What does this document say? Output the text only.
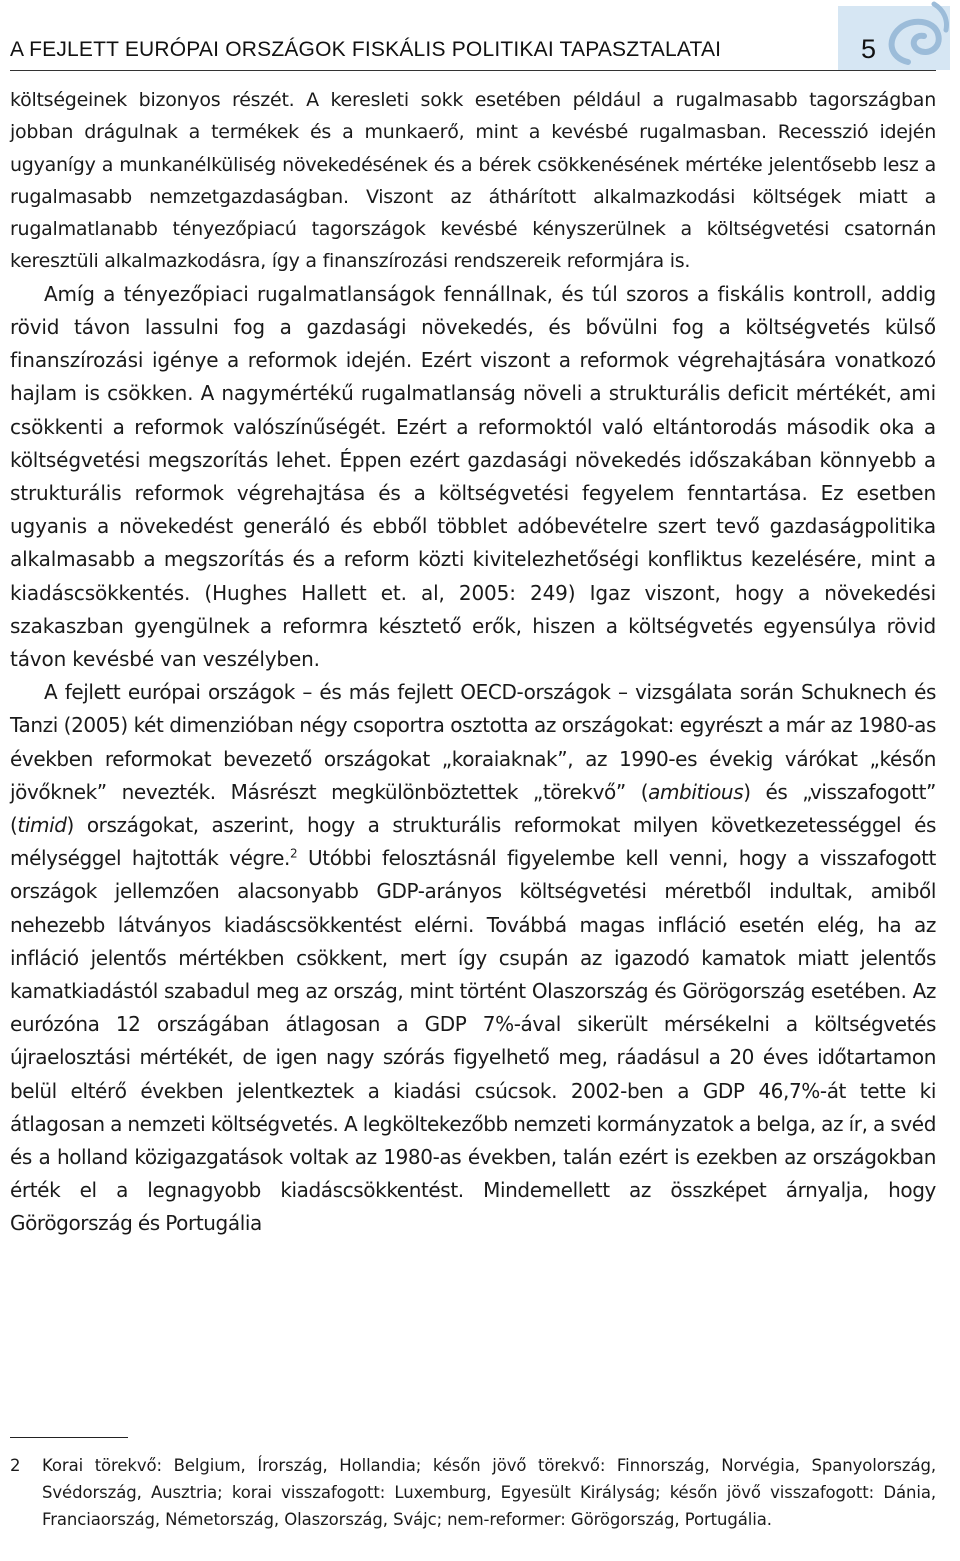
A FEJLETT EURÓPAI ORSZÁGOK FISKÁLIS POLITIKAI TAPASZTALATAI	5

költségeinek bizonyos részét. A keresleti sokk esetében például a rugalmasabb tagországban jobban drágulnak a termékek és a munkaerő, mint a kevésbé rugalmasban. Recesszió idején ugyanígy a munkanélküliség növekedésének és a bérek csökkenésének mértéke jelentősebb lesz a rugalmasabb nemzetgazdaságban. Viszont az áthárított alkalmazkodási költségek miatt a rugalmatlanabb tényezőpiacú tagországok kevésbé kényszerülnek a költségvetési csatornán keresztüli alkalmazkodásra, így a finanszírozási rendszereik reformjára is.

Amíg a tényezőpiaci rugalmatlanságok fennállnak, és túl szoros a fiskális kontroll, addig rövid távon lassulni fog a gazdasági növekedés, és bővülni fog a költségvetés külső finanszírozási igénye a reformok idején. Ezért viszont a reformok végrehajtására vonatkozó hajlam is csökken. A nagymértékű rugalmatlanság növeli a strukturális deficit mértékét, ami csökkenti a reformok valószínűségét. Ezért a reformoktól való eltántorodás második oka a költségvetési megszorítás lehet. Éppen ezért gazdasági növekedés időszakában könnyebb a strukturális reformok végrehajtása és a költségvetési fegyelem fenntartása. Ez esetben ugyanis a növekedést generáló és ebből többlet adóbevételre szert tevő gazdaságpolitika alkalmasabb a megszorítás és a reform közti kivitelezhetőségi konfliktus kezelésére, mint a kiadáscsökkentés. (Hughes Hallett et. al, 2005: 249) Igaz viszont, hogy a növekedési szakaszban gyengülnek a reformra késztető erők, hiszen a költségvetés egyensúlya rövid távon kevésbé van veszélyben.

A fejlett európai országok – és más fejlett OECD-országok – vizsgálata során Schuknech és Tanzi (2005) két dimenzióban négy csoportra osztotta az országokat: egyrészt a már az 1980-as években reformokat bevezető országokat „koraiaknak”, az 1990-es évekig várókat „későn jövőknek” nevezték. Másrészt megkülönböztettek „törekvő” (ambitious) és „visszafogott” (timid) országokat, aszerint, hogy a strukturális reformokat milyen következetességgel és mélységgel hajtották végre.$^2$ Utóbbi felosztásnál figyelembe kell venni, hogy a visszafogott országok jellemzően alacsonyabb GDP-arányos költségvetési méretből indultak, amiből nehezebb látványos kiadáscsökkentést elérni. Továbbá magas infláció esetén elég, ha az infláció jelentős mértékben csökkent, mert így csupán az igazodó kamatok miatt jelentős kamatkiadástól szabadul meg az ország, mint történt Olaszország és Görögország esetében. Az eurózóna 12 országában átlagosan a GDP 7%-ával sikerült mérsékelni a költségvetés újraelosztási mértékét, de igen nagy szórás figyelhető meg, ráadásul a 20 éves időtartamon belül eltérő években jelentkeztek a kiadási csúcsok. 2002-ben a GDP 46,7%-át tette ki átlagosan a nemzeti költségvetés. A legköltekezőbb nemzeti kormányzatok a belga, az ír, a svéd és a holland közigazgatások voltak az 1980-as években, talán ezért is ezekben az országokban érték el a legnagyobb kiadáscsökkentést. Mindemellett az összképet árnyalja, hogy Görögország és Portugália

2 Korai törekvő: Belgium, Írország, Hollandia; későn jövő törekvő: Finnország, Norvégia, Spanyolország, Svédország, Ausztria; korai visszafogott: Luxemburg, Egyesült Királyság; későn jövő visszafogott: Dánia, Franciaország, Németország, Olaszország, Svájc; nem-reformer: Görögország, Portugália.
